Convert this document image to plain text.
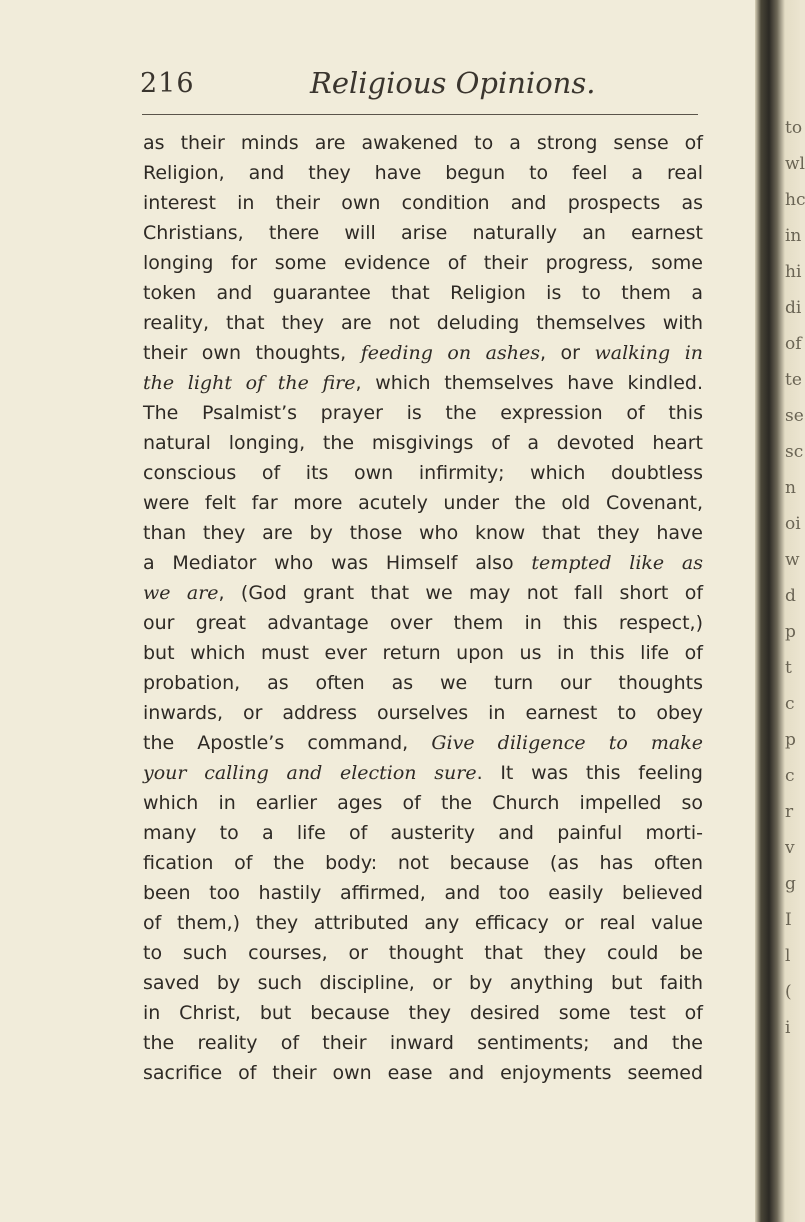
216	Religious Opinions.
as their minds are awakened to a strong sense of
Religion, and they have begun to feel a real
interest in their own condition and prospects as
Christians, there will arise naturally an earnest
longing for some evidence of their progress, some
token and guarantee that Religion is to them a
reality, that they are not deluding themselves with
their own thoughts, feeding on ashes, or walking in
the light of the fire, which themselves have kindled.
The Psalmist’s prayer is the expression of this
natural longing, the misgivings of a devoted heart
conscious of its own infirmity; which doubtless
were felt far more acutely under the old Covenant,
than they are by those who know that they have
a Mediator who was Himself also tempted like as
we are, (God grant that we may not fall short of
our great advantage over them in this respect,)
but which must ever return upon us in this life of
probation, as often as we turn our thoughts
inwards, or address ourselves in earnest to obey
the Apostle’s command, Give diligence to make
your calling and election sure. It was this feeling
which in earlier ages of the Church impelled so
many to a life of austerity and painful morti-
fication of the body: not because (as has often
been too hastily affirmed, and too easily believed
of them,) they attributed any efficacy or real value
to such courses, or thought that they could be
saved by such discipline, or by anything but faith
in Christ, but because they desired some test of
the reality of their inward sentiments; and the
sacrifice of their own ease and enjoyments seemed
to
wl
hc
in
hi
di
of
te
se
sc
n
oi
w
d
p
t
c
p
c
r
v
g
I
l
(
i
